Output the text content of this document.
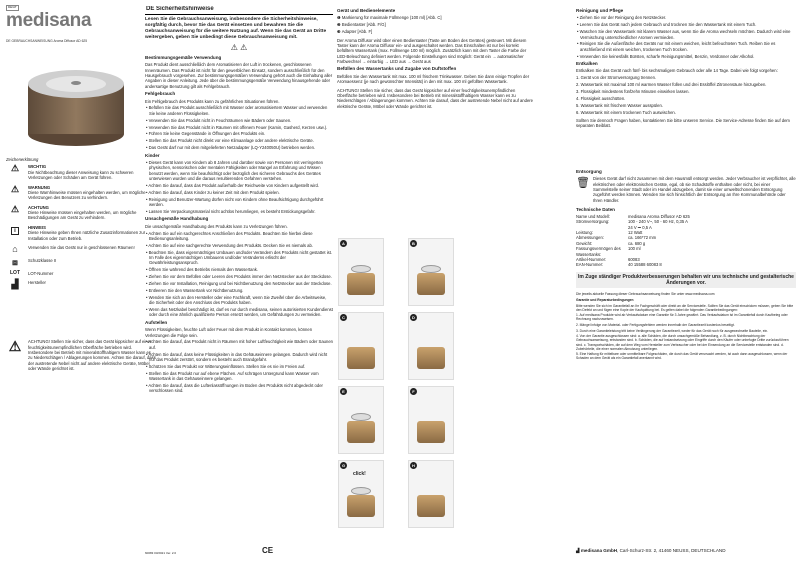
DE/AT
medisana
DE GEBRAUCHSANWEISUNG Aroma Diffusor AD 625

Zeichenerklärung

⚠	WICHTIG
Die Nichtbeachtung dieser Anweisung kann zu schweren Verletzungen oder Schäden am Gerät führen.
⚠	WARNUNG
Diese Warnhinweise müssen eingehalten werden, um mögliche Verletzungen des Benutzers zu verhindern.
⚠	ACHTUNG
Diese Hinweise müssen eingehalten werden, um mögliche Beschädigungen am Gerät zu verhindern.
i
HINWEIS
Diese Hinweise geben Ihnen nützliche Zusatzinformationen zur Installation oder zum Betrieb.
⌂	Verwenden Sie das Gerät nur in geschlossenen Räumen!
⧈	Schutzklasse II
LOT	LOT-Nummer
▟	Hersteller
⚠	ACHTUNG! Stellen Sie sicher, dass das Gerät kippsicher auf einer feuchtigkeitsunempfindlichen Oberfläche betrieben wird. Insbesondere bei Betrieb mit mineralstoffhaltigem Wasser kann es zu Niederschlägen / Ablagerungen kommen. Achten Sie darauf, dass der austretende Nebel nicht auf andere elektrische Geräte, Möbel oder Wände gerichtet ist.
DE Sicherheitshinweise

Lesen Sie die Gebrauchsanweisung, insbesondere die Sicherheitshinweise, sorgfältig durch, bevor Sie das Gerät einsetzen und bewahren Sie die Gebrauchsanweisung für die weitere Nutzung auf. Wenn Sie das Gerät an Dritte weitergeben, geben Sie unbedingt diese Gebrauchsanweisung mit.

⚠ ⚠

Bestimmungsgemäße Verwendung

Das Produkt dient ausschließlich dem Aromatisieren der Luft in trockenen, geschlossenen Innenräumen. Das Produkt ist nicht für den gewerblichen Einsatz, sondern ausschließlich für den Hausgebrauch vorgesehen. Zur bestimmungsgemäßen Verwendung gehört auch die Einhaltung aller Angaben in dieser Anleitung. Jede über die bestimmungsgemäße Verwendung hinausgehende oder andersartige Benutzung gilt als Fehlgebrauch.

Fehlgebrauch

Ein Fehlgebrauch des Produkts kann zu gefährlichen Situationen führen.

• Befüllen Sie das Produkt ausschließlich mit Wasser oder aromatisiertem Wasser und verwenden Sie keine anderen Flüssigkeiten.

• Verwenden Sie das Produkt nicht in Feuchträumen wie Bädern oder Saunen.

• Verwenden Sie das Produkt nicht in Räumen mit offenem Feuer (Kamin, Gasherd, Kerzen usw.).

• Führen Sie keine Gegenstände in Öffnungen des Produkts ein.

• Stellen Sie das Produkt nicht direkt vor eine Klimaanlage oder andere elektrische Geräte.

• Das Gerät darf nur mit dem mitgelieferten Netzadapter (LQ-Y240050U) betrieben werden.

Kinder

• Dieses Gerät kann von Kindern ab 8 Jahren und darüber sowie von Personen mit verringerten physischen, sensorischen oder mentalen Fähigkeiten oder Mangel an Erfahrung und Wissen benutzt werden, wenn Sie beaufsichtigt oder bezüglich des sicheren Gebrauchs des Gerätes unterwiesen wurden und die daraus resultierenden Gefahren verstehen.

• Achten Sie darauf, dass das Produkt außerhalb der Reichweite von Kindern aufgestellt wird.

• Achten Sie darauf, dass Kinder zu keiner Zeit mit dem Produkt spielen.

• Reinigung und Benutzer-Wartung dürfen nicht von Kindern ohne Beaufsichtigung durchgeführt werden.

• Lassen Sie Verpackungsmaterial nicht achtlos herumliegen, es besteht Erstickungsgefahr.

Unsachgemäße Handhabung

Die unsachgemäße Handhabung des Produkts kann zu Verletzungen führen.

• Achten Sie auf ein sachgerechtes Anschließen des Produkts. Beachten Sie hierbei diese Bedienungsanleitung.

• Achten Sie auf eine sachgerechte Verwendung des Produkts. Decken Sie es niemals ab.

• Beachten Sie, dass eigenmächtiges Umbauen und/oder Verändern des Produkts nicht gestattet ist. Im Falle des eigenmächtigen Umbauens und/oder Veränderns erlischt der Gewährleistungsanspruch.

• Öffnen Sie während des Betriebs niemals den Wassertank.

• Ziehen Sie vor dem Befüllen oder Leeren des Produkts immer den Netzstecker aus der Steckdose.

• Ziehen Sie vor Installation, Reinigung und bei Nichtbenutzung den Netzstecker aus der Steckdose.

• Entleeren Sie den Wassertank vor Nichtbenutzung.

• Wenden Sie sich an den Hersteller oder eine Fachkraft, wenn Sie Zweifel über die Arbeitsweise, die Sicherheit oder den Anschluss des Produkts haben.

• Wenn das Netzkabel beschädigt ist, darf es nur durch medisana, seinen autorisierten Kundendienst oder durch eine ähnlich qualifizierte Person ersetzt werden, um Gefährdungen zu vermeiden.

Aufstellen

Wenn Flüssigkeiten, feuchte Luft oder Feuer mit dem Produkt in Kontakt kommen, können Verletzungen die Folge sein.

• Achten Sie darauf, das Produkt nicht in Räumen mit hoher Luftfeuchtigkeit wie Bädern oder Saunen auf.

• Achten Sie darauf, dass keine Flüssigkeiten in das Gehäuseinnere gelangen. Dadurch wird nicht nur das Produkt zerstört, sondern es besteht auch Brandgefahr.

• Schützen Sie das Produkt vor Witterungseinflüssen. Stellen Sie es nie im Freien auf.

• Stellen Sie das Produkt nur auf ebene Flächen. Auf schrägen Untergrund kann Wasser vom Wassertank in das Gehäuseinnere gelangen.

• Achten Sie darauf, dass die Luftenlassöffnungen im Boden des Produkts nicht abgedeckt oder verschlossen sind.

60083 03/2021 Ver. 2.0	CE

Gerät und Bedienelemente

❶ Markierung für maximale Füllmenge (100 ml) [Abb. C]

❷ Bedientaster [Abb. F/G]

❸ Adapter [Abb. F]

Der Aroma Diffusor wird über einen Bedientaster (Taste am Boden des Gerätes) gesteuert. Mit diesem Taster kann der Aroma Diffusor ein- und ausgeschaltet werden. Das Einschalten ist nur bei korrekt befülltem Wassertank (max. Füllmenge 100 ml) möglich. Zusätzlich kann mit dem Taster die Farbe der LED-Beleuchtung definiert werden. Folgende Einstellungen sind möglich: Gerät ein → automatischer Farbwechsel → eintarbig → LED aus → Gerät aus

Befüllen des Wassertanks und Zugabe von Duftstoffen

Befüllen Sie den Wassertank mit max. 100 ml frischem Trinkwasser. Geben Sie dann einige Tropfen der Aromaessenz (je nach gewünschter Intensität) in den mit max. 100 ml gefüllten Wassertank.

ACHTUNG! Stellen Sie sicher, dass das Gerät kippsicher auf einer feuchtigkeitsunempfindlichen Oberfläche betrieben wird. Insbesondere bei Betrieb mit mineralstoffhaltigem Wasser kann es zu Niederschlägen / Ablagerungen kommen. Achten Sie darauf, dass der austretende Nebel nicht auf andere elektrische Geräte, Möbel oder Wände gerichtet ist.

A	B
C	D
E	F
G
click!
H

Reinigung und Pflege

• Ziehen Sie vor der Reinigung den Netzstecker.

• Leeren Sie das Gerät nach jedem Gebrauch und trocknen Sie den Wassertank mit einem Tuch.

• Waschen Sie den Wassertank mit klarem Wasser aus, wenn Sie die Aroma wechseln möchten. Dadurch wird eine Vermischung unterschiedlicher Aromen vermieden.

• Reinigen Sie die Außenfläche des Geräts nur mit einem weichen, leicht befeuchteten Tuch. Reiben Sie es anschließend mit einem weichen, trockenen Tuch trocken.

• Verwenden Sie keinesfalls Bürsten, scharfe Reinigungsmittel, Benzin, Verdünner oder Alkohol.

Entkalken

Entkalken Sie das Gerät nach fünf- bis sechsmaligem Gebrauch oder alle 14 Tage. Dabei wie folgt vorgehen:

1. Gerät von der Stromversorgung trennen.

2. Wassertank mit maximal 100 ml warmen Wasser füllen und drei Esslöffel Zitronensäure hinzugeben.

3. Flüssigkeit mindestens fünfzehn Minuten einwirken lassen.

4. Flüssigkeit ausschütten.

5. Wassertank mit frischem Wasser ausspülen.

6. Wassertank mit einem trockenen Tuch auswischen.

Sollten Sie dennoch Fragen haben, kontaktieren Sie bitte unseren Service. Die Service-Adresse finden Sie auf dem separaten Beiblatt.

Entsorgung

🗑 Dieses Gerät darf nicht zusammen mit dem Hausmüll entsorgt werden. Jeder Verbraucher ist verpflichtet, alle elektrischen oder elektronischen Geräte, egal, ob sie Schadstoffe enthalten oder nicht, bei einer Sammelstelle seiner Stadt oder im Handel abzugeben, damit sie einer umweltschonenden Entsorgung zugeführt werden können. Wenden Sie sich hinsichtlich der Entsorgung an Ihre Kommunalbehörde oder Ihren Händler.

Technische Daten

Name und Modell:	medisana Aroma Diffusor AD 625
Stromversorgung:	100 - 240 V~, 50 - 60 Hz, 0,35 A
24 V ⎓ 0,5 A
Leistung:	12 Watt
Abmessungen:	ca. 166*72 mm
Gewicht:	ca. 680 g
Fassungsvermögen des Wassertanks:
100 ml
Artikel-Nummer:	60083
EAN-Nummer:	40 15588 60083 8
Im Zuge ständiger Produktverbesserungen behalten wir uns technische und gestalterische Änderungen vor.

Die jeweils aktuelle Fassung dieser Gebrauchsanweisung finden Sie unter www.medisana.com

Garantie und Reparaturbedingungen

Bitte wenden Sie sich im Garantiefall an Ihr Fachgeschäft oder direkt an die Servicestelle. Sollten Sie das Gerät einschicken müssen, geben Sie bitte den Defekt an und fügen eine Kopie der Kaufquittung bei. Es gelten dabei die folgenden Garantiebedingungen:

1. Auf medisana Produkte wird ab Verkaufsdatum eine Garantie für 3 Jahre gewährt. Das Verkaufsdatum ist im Garantiefall durch Kaufbeleg oder Rechnung nachzuweisen.

2. Mängel infolge von Material- oder Fertigungsfehlern werden innerhalb der Garantiezeit kostenlos beseitigt.

3. Durch eine Garantieleistung tritt keine Verlängerung der Garantiezeit, weder für das Gerät noch für ausgewechselte Bauteile, ein.

4. Von der Garantie ausgeschlossen sind: a. alle Schäden, die durch unsachgemäße Behandlung, z. B. durch Nichtbeachtung der Gebrauchsanweisung, entstanden sind. b. Schäden, die auf Instandsetzung oder Eingriffe durch den Käufer oder unbefugte Dritte zurückzuführen sind. c. Transportschäden, die auf dem Weg vom Hersteller zum Verbraucher oder bei der Einsendung an die Servicestelle entstanden sind. d. Zubehörteile, die einer normalen Abnutzung unterliegen.

5. Eine Haftung für mittelbare oder unmittelbare Folgeschäden, die durch das Gerät verursacht werden, ist auch dann ausgeschlossen, wenn der Schaden an dem Gerät als ein Garantiefall anerkannt wird.

▟ medisana GmbH, Carl-Schurz-Str. 2, 41460 NEUSS, DEUTSCHLAND
